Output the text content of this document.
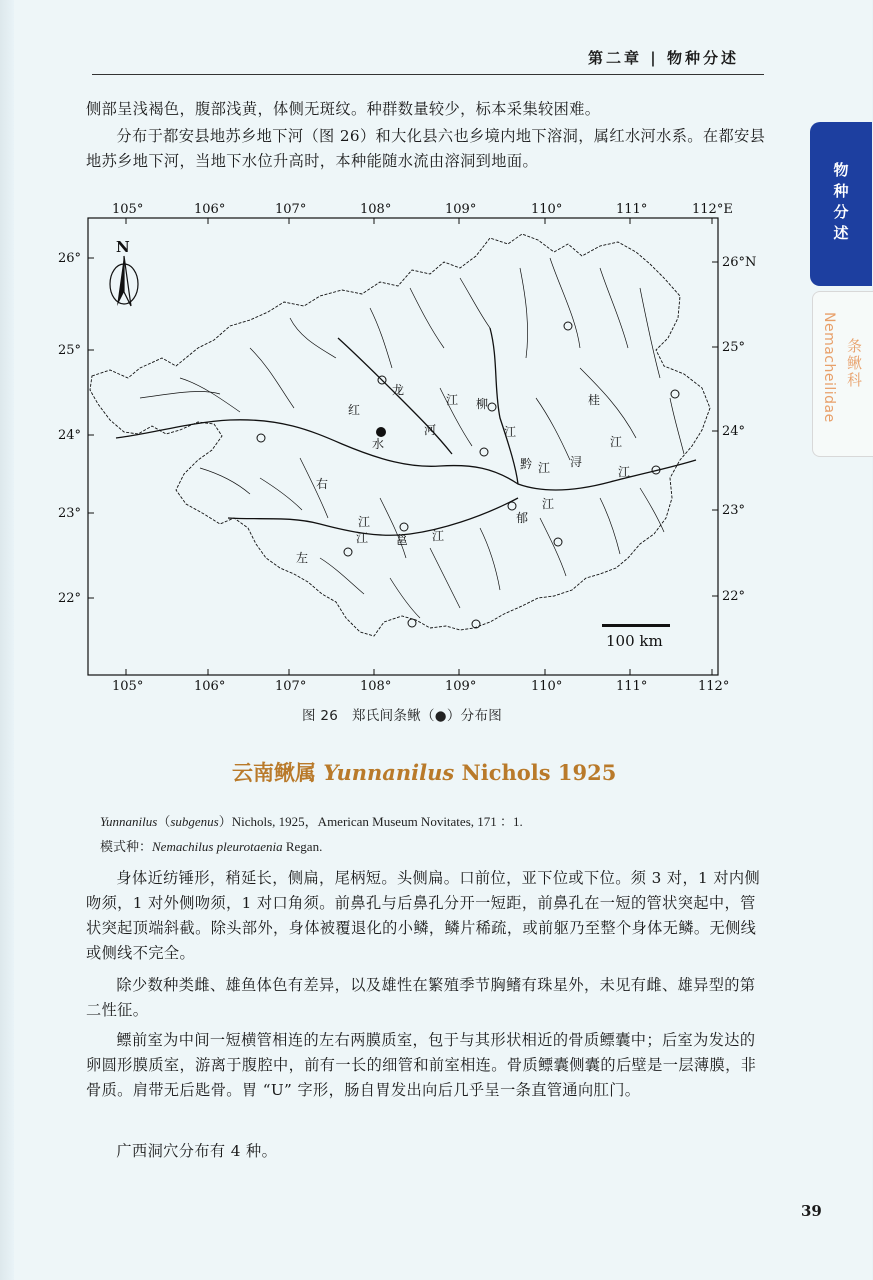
第二章 | 物种分述
物种分述
条鳅科
Nemacheilidae
侧部呈浅褐色，腹部浅黄，体侧无斑纹。种群数量较少，标本采集较困难。
分布于都安县地苏乡地下河（图 26）和大化县六也乡境内地下溶洞，属红水河水系。在都安县地苏乡地下河，当地下水位升高时，本种能随水流由溶洞到地面。
105°	106°	107°	108°	109°	110°	111°	112°E
105°	106°	107°	108°	109°	110°	111°	112°
26°
25°
24°
23°
22°
26°N
25°
24°
23°
22°
N
红
水
河
龙
江 柳
江
桂
江
黔 江 浔
江
郁
江
右
江
左
江 邕 江
100 km
图 26　郑氏间条鳅（●）分布图
云南鳅属 Yunnanilus Nichols 1925
Yunnanilus（subgenus）Nichols, 1925，American Museum Novitates, 171 ：1.
模式种：Nemachilus pleurotaenia Regan.
身体近纺锤形，稍延长，侧扁，尾柄短。头侧扁。口前位，亚下位或下位。须 3 对，1 对内侧吻须，1 对外侧吻须，1 对口角须。前鼻孔与后鼻孔分开一短距，前鼻孔在一短的管状突起中，管状突起顶端斜截。除头部外，身体被覆退化的小鳞，鳞片稀疏，或前躯乃至整个身体无鳞。无侧线或侧线不完全。
除少数种类雌、雄鱼体色有差异，以及雄性在繁殖季节胸鳍有珠星外，未见有雌、雄异型的第二性征。
鳔前室为中间一短横管相连的左右两膜质室，包于与其形状相近的骨质鳔囊中；后室为发达的卵圆形膜质室，游离于腹腔中，前有一长的细管和前室相连。骨质鳔囊侧囊的后壁是一层薄膜，非骨质。肩带无后匙骨。胃 “U” 字形，肠自胃发出向后几乎呈一条直管通向肛门。
广西洞穴分布有 4 种。
39
